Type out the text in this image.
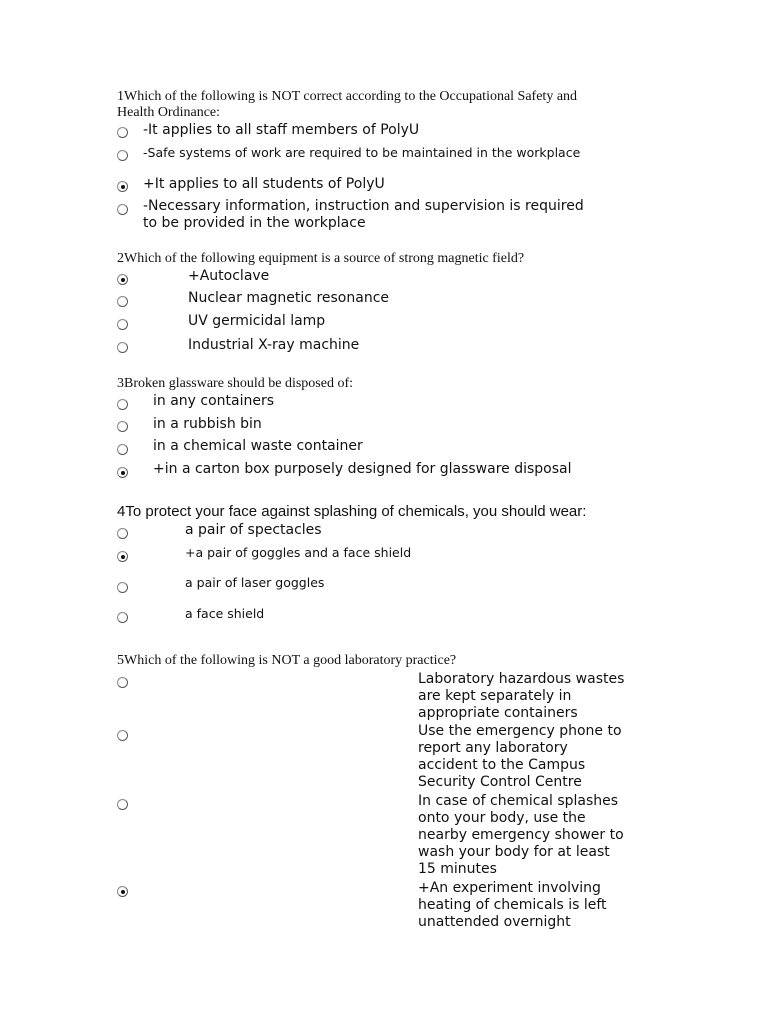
1Which of the following is NOT correct according to the Occupational Safety and
Health Ordinance:
-It applies to all staff members of PolyU
-Safe systems of work are required to be maintained in the workplace
+It applies to all students of PolyU
-Necessary information, instruction and supervision is required
to be provided in the workplace
2Which of the following equipment is a source of strong magnetic field?
+Autoclave
Nuclear magnetic resonance
UV germicidal lamp
Industrial X-ray machine
3Broken glassware should be disposed of:
in any containers
in a rubbish bin
in a chemical waste container
+in a carton box purposely designed for glassware disposal
4To protect your face against splashing of chemicals, you should wear:
a pair of spectacles
+a pair of goggles and a face shield
a pair of laser goggles
a face shield
5Which of the following is NOT a good laboratory practice?
Laboratory hazardous wastes
are kept separately in
appropriate containers
Use the emergency phone to
report any laboratory
accident to the Campus
Security Control Centre
In case of chemical splashes
onto your body, use the
nearby emergency shower to
wash your body for at least
15 minutes
+An experiment involving
heating of chemicals is left
unattended overnight
